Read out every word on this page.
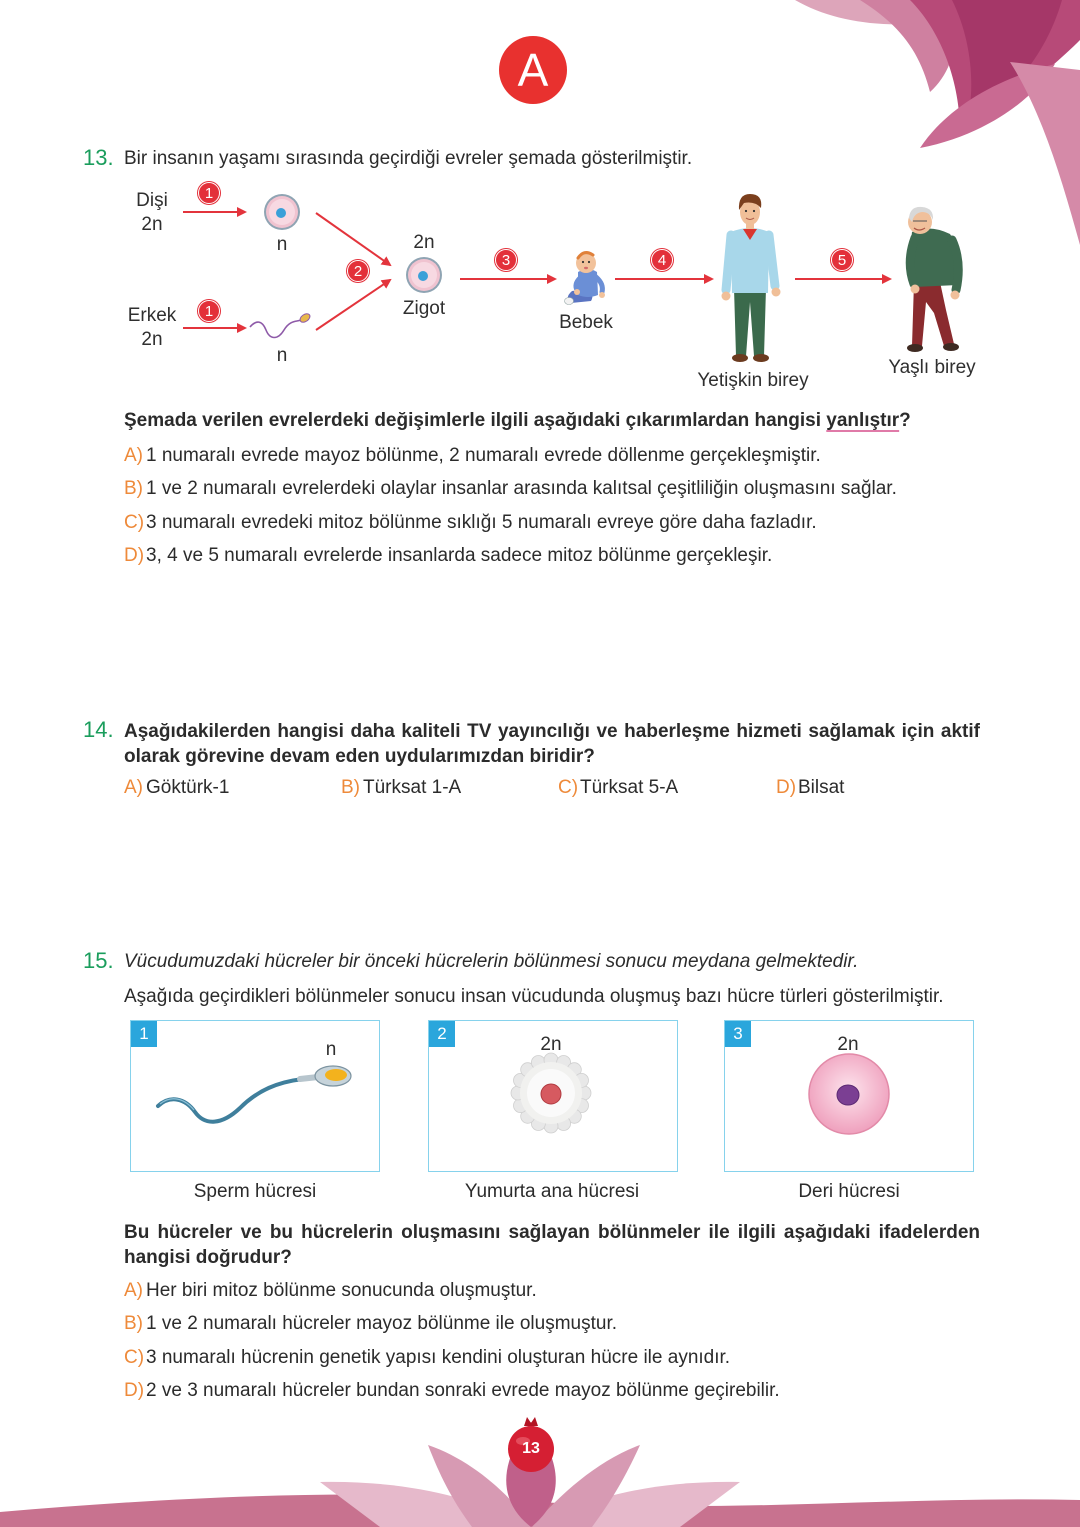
A
13. Bir insanın yaşamı sırasında geçirdiği evreler şemada gösterilmiştir.
Dişi
2n
Erkek
2n
n
n
2n
Zigot
Bebek
Yetişkin birey
Yaşlı birey
1
1
2
3	4	5
Şemada verilen evrelerdeki değişimlerle ilgili aşağıdaki çıkarımlardan hangisi yanlıştır?
A) 1 numaralı evrede mayoz bölünme, 2 numaralı evrede döllenme gerçekleşmiştir.
B) 1 ve 2 numaralı evrelerdeki olaylar insanlar arasında kalıtsal çeşitliliğin oluşmasını sağlar.
C) 3 numaralı evredeki mitoz bölünme sıklığı 5 numaralı evreye göre daha fazladır.
D) 3, 4 ve 5 numaralı evrelerde insanlarda sadece mitoz bölünme gerçekleşir.
14. Aşağıdakilerden hangisi daha kaliteli TV yayıncılığı ve haberleşme hizmeti sağlamak için aktif
olarak görevine devam eden uydularımızdan biridir?
A) Göktürk-1	B) Türksat 1-A	C) Türksat 5-A	D) Bilsat
15. Vücudumuzdaki hücreler bir önceki hücrelerin bölünmesi sonucu meydana gelmektedir.
Aşağıda geçirdikleri bölünmeler sonucu insan vücudunda oluşmuş bazı hücre türleri gösterilmiştir.
1	2	3
n	2n	2n
Sperm hücresi	Yumurta ana hücresi	Deri hücresi
Bu hücreler ve bu hücrelerin oluşmasını sağlayan bölünmeler ile ilgili aşağıdaki ifadelerden
hangisi doğrudur?
A) Her biri mitoz bölünme sonucunda oluşmuştur.
B) 1 ve 2 numaralı hücreler mayoz bölünme ile oluşmuştur.
C) 3 numaralı hücrenin genetik yapısı kendini oluşturan hücre ile aynıdır.
D) 2 ve 3 numaralı hücreler bundan sonraki evrede mayoz bölünme geçirebilir.
13
